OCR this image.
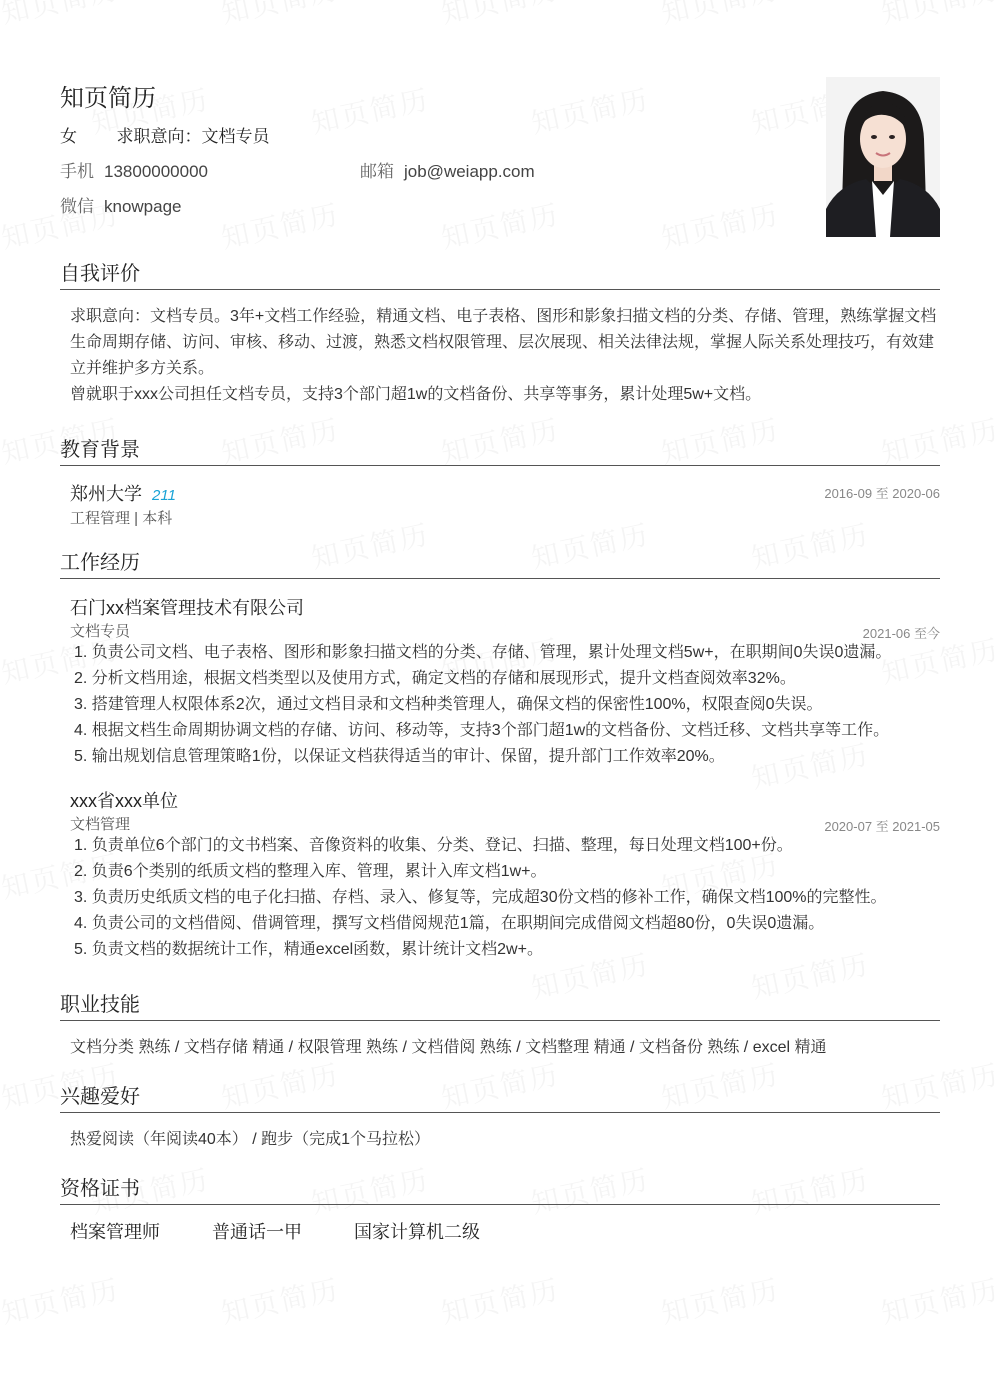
知页简历
女 求职意向：文档专员
手机 13800000000	邮箱 job@weiapp.com
微信 knowpage
自我评价

求职意向：文档专员。3年+文档工作经验，精通文档、电子表格、图形和影象扫描文档的分类、存储、管理，熟练掌握文档生命周期存储、访问、审核、移动、过渡，熟悉文档权限管理、层次展现、相关法律法规，掌握人际关系处理技巧，有效建立并维护多方关系。

曾就职于xxx公司担任文档专员，支持3个部门超1w的文档备份、共享等事务，累计处理5w+文档。

教育背景
郑州大学 211	2016-09 至 2020-06
工程管理 | 本科
工作经历
石门xx档案管理技术有限公司
文档专员	2021-06 至今
1. 负责公司文档、电子表格、图形和影象扫描文档的分类、存储、管理，累计处理文档5w+，在职期间0失误0遗漏。
2. 分析文档用途，根据文档类型以及使用方式，确定文档的存储和展现形式，提升文档查阅效率32%。
3. 搭建管理人权限体系2次，通过文档目录和文档种类管理人，确保文档的保密性100%，权限查阅0失误。
4. 根据文档生命周期协调文档的存储、访问、移动等，支持3个部门超1w的文档备份、文档迁移、文档共享等工作。
5. 输出规划信息管理策略1份，以保证文档获得适当的审计、保留，提升部门工作效率20%。
xxx省xxx单位
文档管理	2020-07 至 2021-05
1. 负责单位6个部门的文书档案、音像资料的收集、分类、登记、扫描、整理，每日处理文档100+份。
2. 负责6个类别的纸质文档的整理入库、管理，累计入库文档1w+。
3. 负责历史纸质文档的电子化扫描、存档、录入、修复等，完成超30份文档的修补工作，确保文档100%的完整性。
4. 负责公司的文档借阅、借调管理，撰写文档借阅规范1篇，在职期间完成借阅文档超80份，0失误0遗漏。
5. 负责文档的数据统计工作，精通excel函数，累计统计文档2w+。
职业技能
文档分类 熟练 / 文档存储 精通 / 权限管理 熟练 / 文档借阅 熟练 / 文档整理 精通 / 文档备份 熟练 / excel 精通
兴趣爱好
热爱阅读（年阅读40本） / 跑步（完成1个马拉松）
资格证书
档案管理师	普通话一甲	国家计算机二级
